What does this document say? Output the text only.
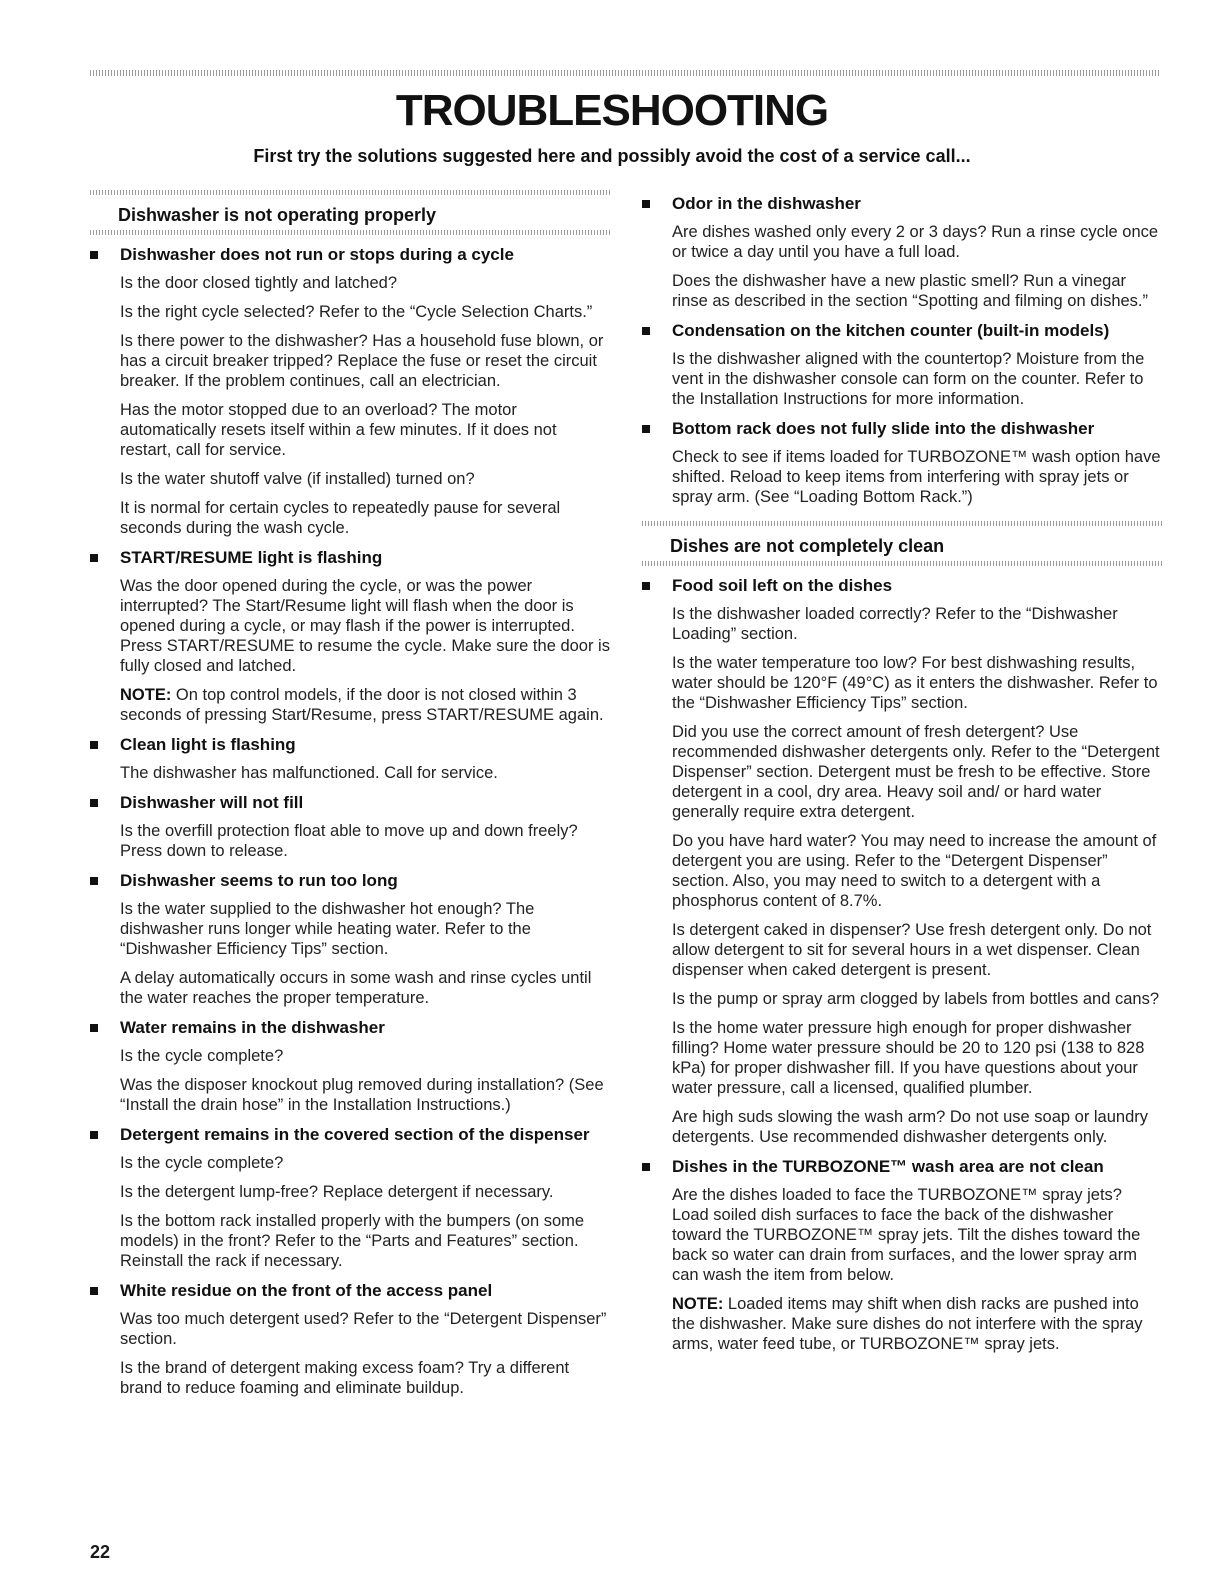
TROUBLESHOOTING
First try the solutions suggested here and possibly avoid the cost of a service call...
Dishwasher is not operating properly
Dishwasher does not run or stops during a cycle

Is the door closed tightly and latched?

Is the right cycle selected? Refer to the “Cycle Selection Charts.”

Is there power to the dishwasher? Has a household fuse blown, or has a circuit breaker tripped? Replace the fuse or reset the circuit breaker. If the problem continues, call an electrician.

Has the motor stopped due to an overload? The motor automatically resets itself within a few minutes. If it does not restart, call for service.

Is the water shutoff valve (if installed) turned on?

It is normal for certain cycles to repeatedly pause for several seconds during the wash cycle.

START/RESUME light is flashing

Was the door opened during the cycle, or was the power interrupted? The Start/Resume light will flash when the door is opened during a cycle, or may flash if the power is interrupted. Press START/RESUME to resume the cycle. Make sure the door is fully closed and latched.

NOTE: On top control models, if the door is not closed within 3 seconds of pressing Start/Resume, press START/RESUME again.

Clean light is flashing

The dishwasher has malfunctioned. Call for service.

Dishwasher will not fill

Is the overfill protection float able to move up and down freely? Press down to release.

Dishwasher seems to run too long

Is the water supplied to the dishwasher hot enough? The dishwasher runs longer while heating water. Refer to the “Dishwasher Efficiency Tips” section.

A delay automatically occurs in some wash and rinse cycles until the water reaches the proper temperature.

Water remains in the dishwasher

Is the cycle complete?

Was the disposer knockout plug removed during installation? (See “Install the drain hose” in the Installation Instructions.)

Detergent remains in the covered section of the dispenser

Is the cycle complete?

Is the detergent lump-free? Replace detergent if necessary.

Is the bottom rack installed properly with the bumpers (on some models) in the front? Refer to the “Parts and Features” section. Reinstall the rack if necessary.

White residue on the front of the access panel

Was too much detergent used? Refer to the “Detergent Dispenser” section.

Is the brand of detergent making excess foam? Try a different brand to reduce foaming and eliminate buildup.

Odor in the dishwasher

Are dishes washed only every 2 or 3 days? Run a rinse cycle once or twice a day until you have a full load.

Does the dishwasher have a new plastic smell? Run a vinegar rinse as described in the section “Spotting and filming on dishes.”

Condensation on the kitchen counter (built-in models)

Is the dishwasher aligned with the countertop? Moisture from the vent in the dishwasher console can form on the counter. Refer to the Installation Instructions for more information.

Bottom rack does not fully slide into the dishwasher

Check to see if items loaded for TURBOZONE™ wash option have shifted. Reload to keep items from interfering with spray jets or spray arm. (See “Loading Bottom Rack.”)

Dishes are not completely clean
Food soil left on the dishes

Is the dishwasher loaded correctly? Refer to the “Dishwasher Loading” section.

Is the water temperature too low? For best dishwashing results, water should be 120°F (49°C) as it enters the dishwasher. Refer to the “Dishwasher Efficiency Tips” section.

Did you use the correct amount of fresh detergent? Use recommended dishwasher detergents only. Refer to the “Detergent Dispenser” section. Detergent must be fresh to be effective. Store detergent in a cool, dry area. Heavy soil and/ or hard water generally require extra detergent.

Do you have hard water? You may need to increase the amount of detergent you are using. Refer to the “Detergent Dispenser” section. Also, you may need to switch to a detergent with a phosphorus content of 8.7%.

Is detergent caked in dispenser? Use fresh detergent only. Do not allow detergent to sit for several hours in a wet dispenser. Clean dispenser when caked detergent is present.

Is the pump or spray arm clogged by labels from bottles and cans?

Is the home water pressure high enough for proper dishwasher filling? Home water pressure should be 20 to 120 psi (138 to 828 kPa) for proper dishwasher fill. If you have questions about your water pressure, call a licensed, qualified plumber.

Are high suds slowing the wash arm? Do not use soap or laundry detergents. Use recommended dishwasher detergents only.

Dishes in the TURBOZONE™ wash area are not clean

Are the dishes loaded to face the TURBOZONE™ spray jets? Load soiled dish surfaces to face the back of the dishwasher toward the TURBOZONE™ spray jets. Tilt the dishes toward the back so water can drain from surfaces, and the lower spray arm can wash the item from below.

NOTE: Loaded items may shift when dish racks are pushed into the dishwasher. Make sure dishes do not interfere with the spray arms, water feed tube, or TURBOZONE™ spray jets.

22
